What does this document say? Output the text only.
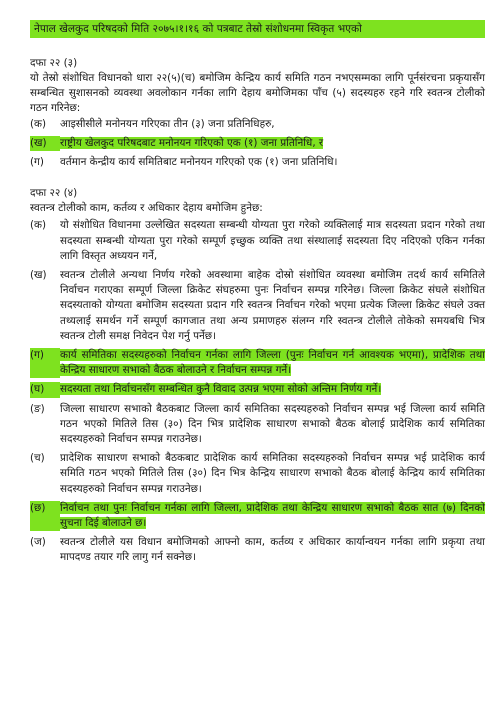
नेपाल खेलकुद परिषदको मिति २०७५।१।१६ को पत्रबाट तेस्रो संशोधनमा स्विकृत भएको

दफा २२ (३)

यो तेस्रो संशोधित विधानको धारा २२(५)(च) बमोजिम केन्द्रिय कार्य समिति गठन नभएसम्मका लागि पूर्नसंरचना प्रकृयासँग सम्बन्धित सुशासनको व्यवस्था अवलोकान गर्नका लागि देहाय बमोजिमका पाँच (५) सदस्यहरु रहने गरि स्वतन्त्र टोलीको गठन गरिनेछ:

(क)	आइसीसीले मनोनयन गरिएका तीन (३) जना प्रतिनिधिहरु,
(ख)	राष्ट्रीय खेलकुद परिषदबाट मनोनयन गरिएको एक (१) जना प्रतिनिधि, र
(ग)	वर्तमान केन्द्रीय कार्य समितिबाट मनोनयन गरिएको एक (१) जना प्रतिनिधि।

दफा २२ (४)

स्वतन्त्र टोलीको काम, कर्तव्य र अधिकार देहाय बमोजिम हुनेछ:

(क)	यो संशोधित विधानमा उल्लेखित सदस्यता सम्बन्धी योग्यता पुरा गरेको व्यक्तिलाई मात्र सदस्यता प्रदान गरेको तथा सदस्यता सम्बन्धी योग्यता पुरा गरेको सम्पूर्ण इच्छुक व्यक्ति तथा संस्थालाई सदस्यता दिए नदिएको एकिन गर्नका लागि विस्तृत अध्ययन गर्ने,
(ख)	स्वतन्त्र टोलीले अन्यथा निर्णय गरेको अवस्थामा बाहेक दोस्रो संशोधित व्यवस्था बमोजिम तदर्थ कार्य समितिले निर्वाचन गराएका सम्पूर्ण जिल्ला क्रिकेट संघहरुमा पुनः निर्वाचन सम्पन्न गरिनेछ। जिल्ला क्रिकेट संघले संशोधित सदस्यताको योग्यता बमोजिम सदस्यता प्रदान गरि स्वतन्त्र निर्वाचन गरेको भएमा प्रत्येक जिल्ला क्रिकेट संघले उक्त तथ्यलाई समर्थन गर्ने सम्पूर्ण कागजात तथा अन्य प्रमाणहरु संलग्न गरि स्वतन्त्र टोलीले तोकेको समयबधि भित्र स्वतन्त्र टोली समक्ष निवेदन पेश गर्नु पर्नेछ।
(ग)	कार्य समितिका सदस्यहरुको निर्वाचन गर्नका लागि जिल्ला (पुनः निर्वाचन गर्न आवश्यक भएमा), प्रादेशिक तथा केन्द्रिय साधारण सभाको बैठक बोलाउने र निर्वाचन सम्पन्न गर्ने।
(घ)	सदस्यता तथा निर्वाचनसँग सम्बन्धित कुनै विवाद उत्पन्न भएमा सोको अन्तिम निर्णय गर्ने।
(ङ)	जिल्ला साधारण सभाको बैठकबाट जिल्ला कार्य समितिका सदस्यहरुको निर्वाचन सम्पन्न भई जिल्ला कार्य समिति गठन भएको मितिले तिस (३०) दिन भित्र प्रादेशिक साधारण सभाको बैठक बोलाई प्रादेशिक कार्य समितिका सदस्यहरुको निर्वाचन सम्पन्न गराउनेछ।
(च)	प्रादेशिक साधारण सभाको बैठकबाट प्रादेशिक कार्य समितिका सदस्यहरुको निर्वाचन सम्पन्न भई प्रादेशिक कार्य समिति गठन भएको मितिले तिस (३०) दिन भित्र केन्द्रिय साधारण सभाको बैठक बोलाई केन्द्रिय कार्य समितिका सदस्यहरुको निर्वाचन सम्पन्न गराउनेछ।
(छ)	निर्वाचन तथा पुनः निर्वाचन गर्नका लागि जिल्ला, प्रादेशिक तथा केन्द्रिय साधारण सभाको बैठक सात (७) दिनको सुचना दिई बोलाउने छ।
(ज)	स्वतन्त्र टोलीले यस विधान बमोजिमको आफ्नो काम, कर्तव्य र अधिकार कार्यान्वयन गर्नका लागि प्रकृया तथा मापदण्ड तयार गरि लागु गर्न सक्नेछ।
